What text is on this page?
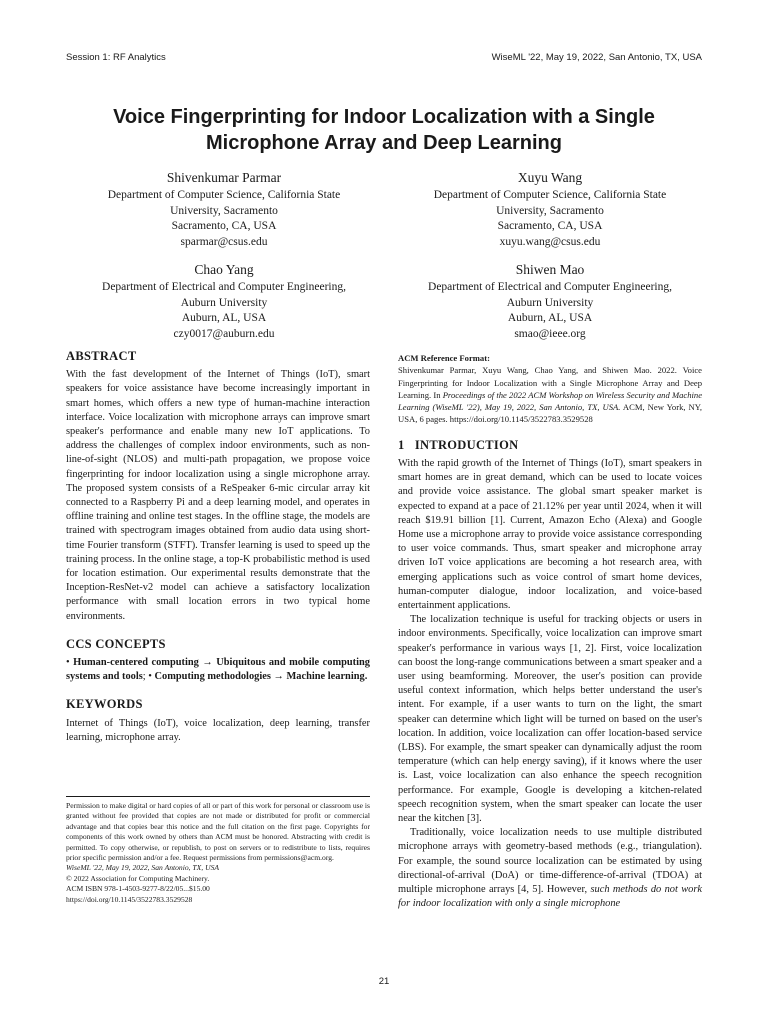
Session 1: RF Analytics	WiseML '22, May 19, 2022, San Antonio, TX, USA
Voice Fingerprinting for Indoor Localization with a Single
Microphone Array and Deep Learning
Shivenkumar Parmar
Department of Computer Science, California State
University, Sacramento
Sacramento, CA, USA
sparmar@csus.edu
Xuyu Wang
Department of Computer Science, California State
University, Sacramento
Sacramento, CA, USA
xuyu.wang@csus.edu
Chao Yang
Department of Electrical and Computer Engineering,
Auburn University
Auburn, AL, USA
czy0017@auburn.edu
Shiwen Mao
Department of Electrical and Computer Engineering,
Auburn University
Auburn, AL, USA
smao@ieee.org
ABSTRACT

With the fast development of the Internet of Things (IoT), smart speakers for voice assistance have become increasingly important in smart homes, which offers a new type of human-machine interaction interface. Voice localization with microphone arrays can improve smart speaker's performance and enable many new IoT applications. To address the challenges of complex indoor environments, such as non-line-of-sight (NLOS) and multi-path propagation, we propose voice fingerprinting for indoor localization using a single microphone array. The proposed system consists of a ReSpeaker 6-mic circular array kit connected to a Raspberry Pi and a deep learning model, and operates in offline training and online test stages. In the offline stage, the models are trained with spectrogram images obtained from audio data using short-time Fourier transform (STFT). Transfer learning is used to speed up the training process. In the online stage, a top-K probabilistic method is used for location estimation. Our experimental results demonstrate that the Inception-ResNet-v2 model can achieve a satisfactory localization performance with small location errors in two typical home environments.

CCS CONCEPTS

• Human-centered computing → Ubiquitous and mobile computing systems and tools; • Computing methodologies → Machine learning.

KEYWORDS

Internet of Things (IoT), voice localization, deep learning, transfer learning, microphone array.

Permission to make digital or hard copies of all or part of this work for personal or classroom use is granted without fee provided that copies are not made or distributed for profit or commercial advantage and that copies bear this notice and the full citation on the first page. Copyrights for components of this work owned by others than ACM must be honored. Abstracting with credit is permitted. To copy otherwise, or republish, to post on servers or to redistribute to lists, requires prior specific permission and/or a fee. Request permissions from permissions@acm.org.
WiseML '22, May 19, 2022, San Antonio, TX, USA
© 2022 Association for Computing Machinery.
ACM ISBN 978-1-4503-9277-8/22/05...$15.00
https://doi.org/10.1145/3522783.3529528
ACM Reference Format:

Shivenkumar Parmar, Xuyu Wang, Chao Yang, and Shiwen Mao. 2022. Voice Fingerprinting for Indoor Localization with a Single Microphone Array and Deep Learning. In Proceedings of the 2022 ACM Workshop on Wireless Security and Machine Learning (WiseML '22), May 19, 2022, San Antonio, TX, USA. ACM, New York, NY, USA, 6 pages. https://doi.org/10.1145/3522783.3529528

1   INTRODUCTION

With the rapid growth of the Internet of Things (IoT), smart speakers in smart homes are in great demand, which can be used to locate voices and provide voice assistance. The global smart speaker market is expected to expand at a pace of 21.12% per year until 2024, when it will reach $19.91 billion [1]. Current, Amazon Echo (Alexa) and Google Home use a microphone array to provide voice assistance corresponding to user voice commands. Thus, smart speaker and microphone array driven IoT voice applications are becoming a hot research area, with emerging applications such as voice control of smart home devices, human-computer dialogue, indoor localization, and voice-based entertainment applications.

The localization technique is useful for tracking objects or users in indoor environments. Specifically, voice localization can improve smart speaker's performance in various ways [1, 2]. First, voice localization can boost the long-range communications between a smart speaker and a user using beamforming. Moreover, the user's position can provide useful context information, which helps better understand the user's intent. For example, if a user wants to turn on the light, the smart speaker can determine which light will be turned on based on the user's location. In addition, voice localization can offer location-based service (LBS). For example, the smart speaker can dynamically adjust the room temperature (which can help energy saving), if it knows where the user is. Last, voice localization can also enhance the speech recognition performance. For example, Google is developing a kitchen-related speech recognition system, when the smart speaker can locate the user near the kitchen [3].

Traditionally, voice localization needs to use multiple distributed microphone arrays with geometry-based methods (e.g., triangulation). For example, the sound source localization can be estimated by using directional-of-arrival (DoA) or time-difference-of-arrival (TDOA) at multiple microphone arrays [4, 5]. However, such methods do not work for indoor localization with only a single microphone

21
